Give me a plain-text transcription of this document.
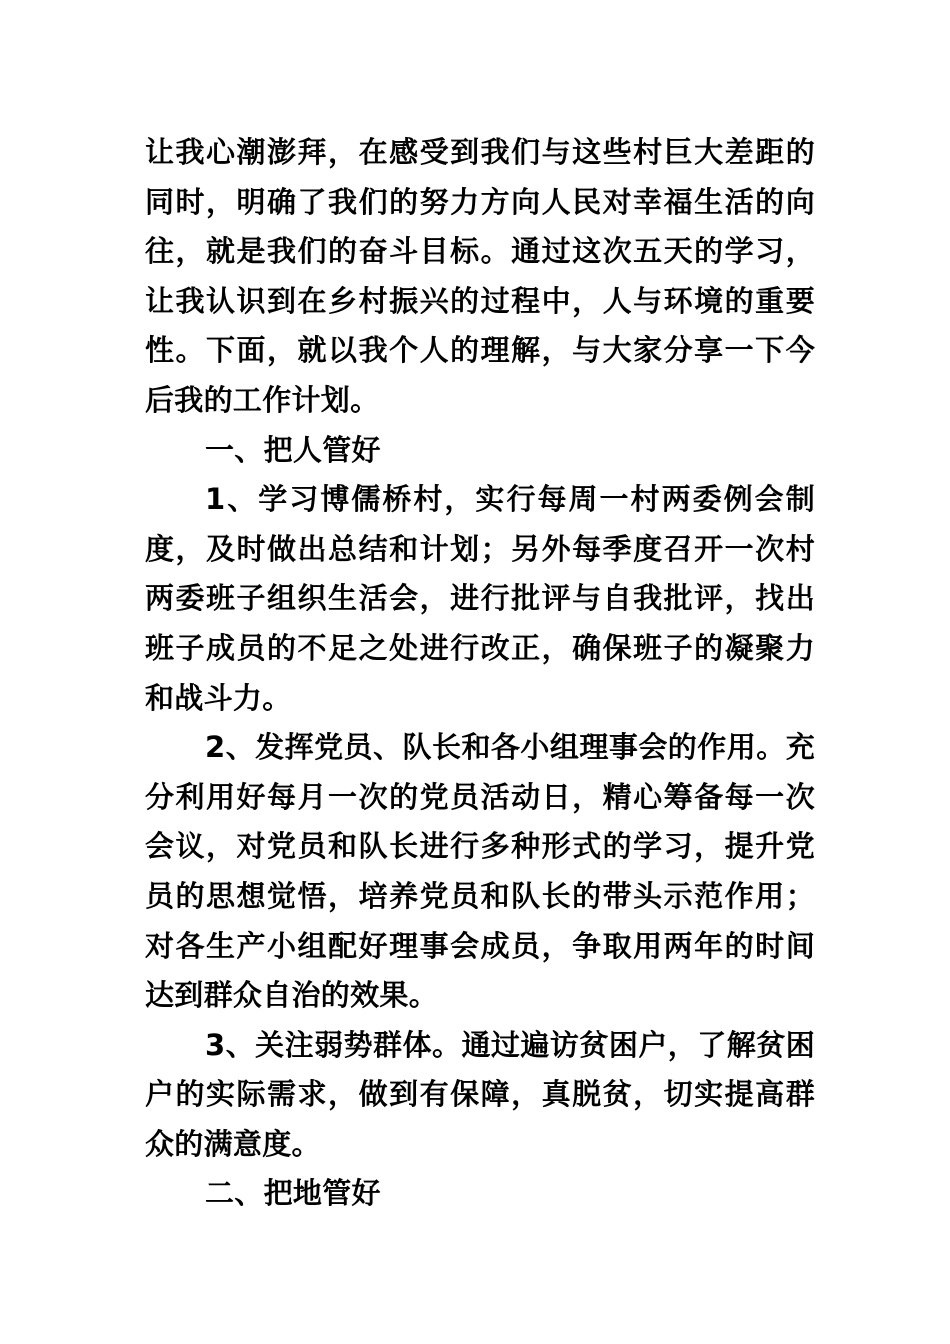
让我心潮澎拜，在感受到我们与这些村巨大差距的同时，明确了我们的努力方向人民对幸福生活的向往，就是我们的奋斗目标。通过这次五天的学习，让我认识到在乡村振兴的过程中，人与环境的重要性。下面，就以我个人的理解，与大家分享一下今后我的工作计划。

一、把人管好

1、学习博儒桥村，实行每周一村两委例会制度，及时做出总结和计划；另外每季度召开一次村两委班子组织生活会，进行批评与自我批评，找出班子成员的不足之处进行改正，确保班子的凝聚力和战斗力。

2、发挥党员、队长和各小组理事会的作用。充分利用好每月一次的党员活动日，精心筹备每一次会议，对党员和队长进行多种形式的学习，提升党员的思想觉悟，培养党员和队长的带头示范作用；对各生产小组配好理事会成员，争取用两年的时间达到群众自治的效果。

3、关注弱势群体。通过遍访贫困户，了解贫困户的实际需求，做到有保障，真脱贫，切实提高群众的满意度。

二、把地管好
